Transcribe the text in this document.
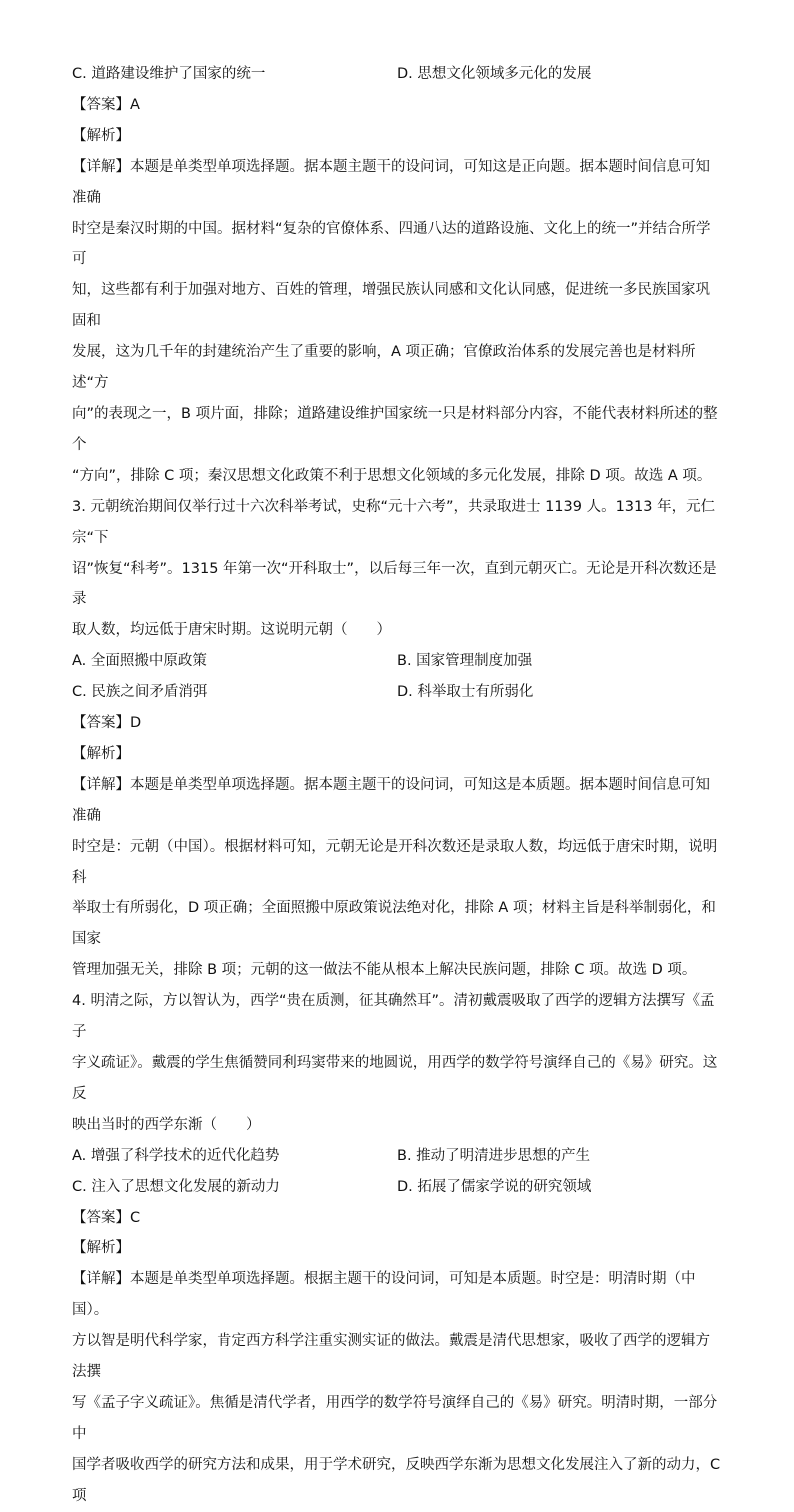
C. 道路建设维护了国家的统一	D. 思想文化领域多元化的发展

【答案】A

【解析】

【详解】本题是单类型单项选择题。据本题主题干的设问词，可知这是正向题。据本题时间信息可知准确

时空是秦汉时期的中国。据材料“复杂的官僚体系、四通八达的道路设施、文化上的统一”并结合所学可

知，这些都有利于加强对地方、百姓的管理，增强民族认同感和文化认同感，促进统一多民族国家巩固和

发展，这为几千年的封建统治产生了重要的影响，A 项正确；官僚政治体系的发展完善也是材料所述“方

向”的表现之一，B 项片面，排除；道路建设维护国家统一只是材料部分内容，不能代表材料所述的整个

“方向”，排除 C 项；秦汉思想文化政策不利于思想文化领域的多元化发展，排除 D 项。故选 A 项。

3. 元朝统治期间仅举行过十六次科举考试，史称“元十六考”，共录取进士 1139 人。1313 年，元仁宗“下

诏”恢复“科考”。1315 年第一次“开科取士”，以后每三年一次，直到元朝灭亡。无论是开科次数还是录

取人数，均远低于唐宋时期。这说明元朝（　　）

A. 全面照搬中原政策	B. 国家管理制度加强
C. 民族之间矛盾消弭	D. 科举取士有所弱化

【答案】D

【解析】

【详解】本题是单类型单项选择题。据本题主题干的设问词，可知这是本质题。据本题时间信息可知准确

时空是：元朝（中国）。根据材料可知，元朝无论是开科次数还是录取人数，均远低于唐宋时期，说明科

举取士有所弱化，D 项正确；全面照搬中原政策说法绝对化，排除 A 项；材料主旨是科举制弱化，和国家

管理加强无关，排除 B 项；元朝的这一做法不能从根本上解决民族问题，排除 C 项。故选 D 项。

4. 明清之际，方以智认为，西学“贵在质测，征其确然耳”。清初戴震吸取了西学的逻辑方法撰写《孟子

字义疏证》。戴震的学生焦循赞同利玛窦带来的地圆说，用西学的数学符号演绎自己的《易》研究。这反

映出当时的西学东渐（　　）

A. 增强了科学技术的近代化趋势	B. 推动了明清进步思想的产生
C. 注入了思想文化发展的新动力	D. 拓展了儒家学说的研究领域

【答案】C

【解析】

【详解】本题是单类型单项选择题。根据主题干的设问词，可知是本质题。时空是：明清时期（中国）。

方以智是明代科学家，肯定西方科学注重实测实证的做法。戴震是清代思想家，吸收了西学的逻辑方法撰

写《孟子字义疏证》。焦循是清代学者，用西学的数学符号演绎自己的《易》研究。明清时期，一部分中

国学者吸收西学的研究方法和成果，用于学术研究，反映西学东渐为思想文化发展注入了新的动力，C 项
